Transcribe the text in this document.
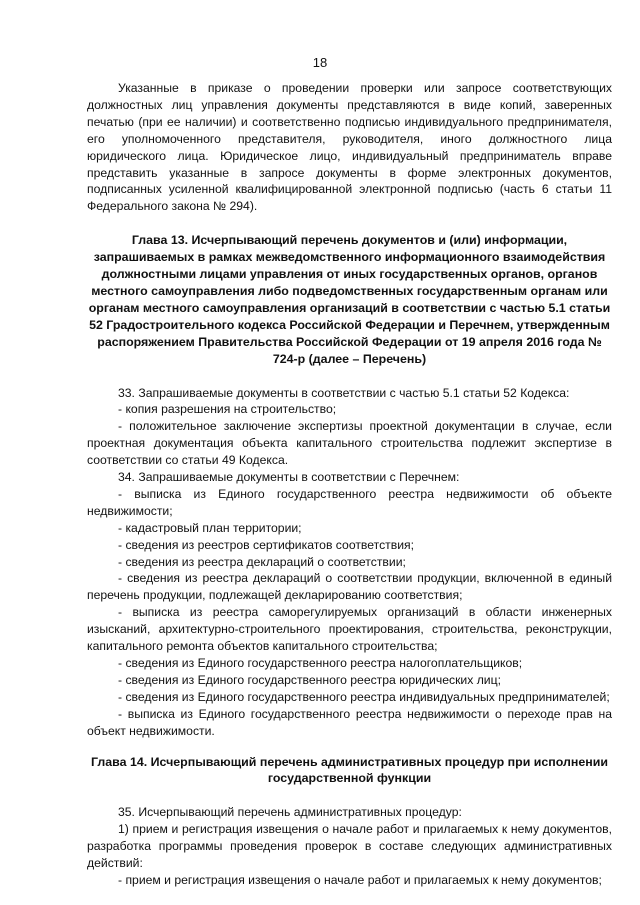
18

Указанные в приказе о проведении проверки или запросе соответствующих должностных лиц управления документы представляются в виде копий, заверенных печатью (при ее наличии) и соответственно подписью индивидуального предпринимателя, его уполномоченного представителя, руководителя, иного должностного лица юридического лица. Юридическое лицо, индивидуальный предприниматель вправе представить указанные в запросе документы в форме электронных документов, подписанных усиленной квалифицированной электронной подписью (часть 6 статьи 11 Федерального закона № 294).

Глава 13. Исчерпывающий перечень документов и (или) информации, запрашиваемых в рамках межведомственного информационного взаимодействия должностными лицами управления от иных государственных органов, органов местного самоуправления либо подведомственных государственным органам или органам местного самоуправления организаций в соответствии с частью 5.1 статьи 52 Градостроительного кодекса Российской Федерации и Перечнем, утвержденным распоряжением Правительства Российской Федерации от 19 апреля 2016 года № 724-р (далее – Перечень)

33. Запрашиваемые документы в соответствии с частью 5.1 статьи 52 Кодекса:

- копия разрешения на строительство;

- положительное заключение экспертизы проектной документации в случае, если проектная документация объекта капитального строительства подлежит экспертизе в соответствии со статьи 49 Кодекса.

34. Запрашиваемые документы в соответствии с Перечнем:

- выписка из Единого государственного реестра недвижимости об объекте недвижимости;

- кадастровый план территории;

- сведения из реестров сертификатов соответствия;

- сведения из реестра деклараций о соответствии;

- сведения из реестра деклараций о соответствии продукции, включенной в единый перечень продукции, подлежащей декларированию соответствия;

- выписка из реестра саморегулируемых организаций в области инженерных изысканий, архитектурно-строительного проектирования, строительства, реконструкции, капитального ремонта объектов капитального строительства;

- сведения из Единого государственного реестра налогоплательщиков;

- сведения из Единого государственного реестра юридических лиц;

- сведения из Единого государственного реестра индивидуальных предпринимателей;

- выписка из Единого государственного реестра недвижимости о переходе прав на объект недвижимости.

Глава 14. Исчерпывающий перечень административных процедур при исполнении государственной функции

35. Исчерпывающий перечень административных процедур:

1) прием и регистрация извещения о начале работ и прилагаемых к нему документов, разработка программы проведения проверок в составе следующих административных действий:

- прием и регистрация извещения о начале работ и прилагаемых к нему документов;
